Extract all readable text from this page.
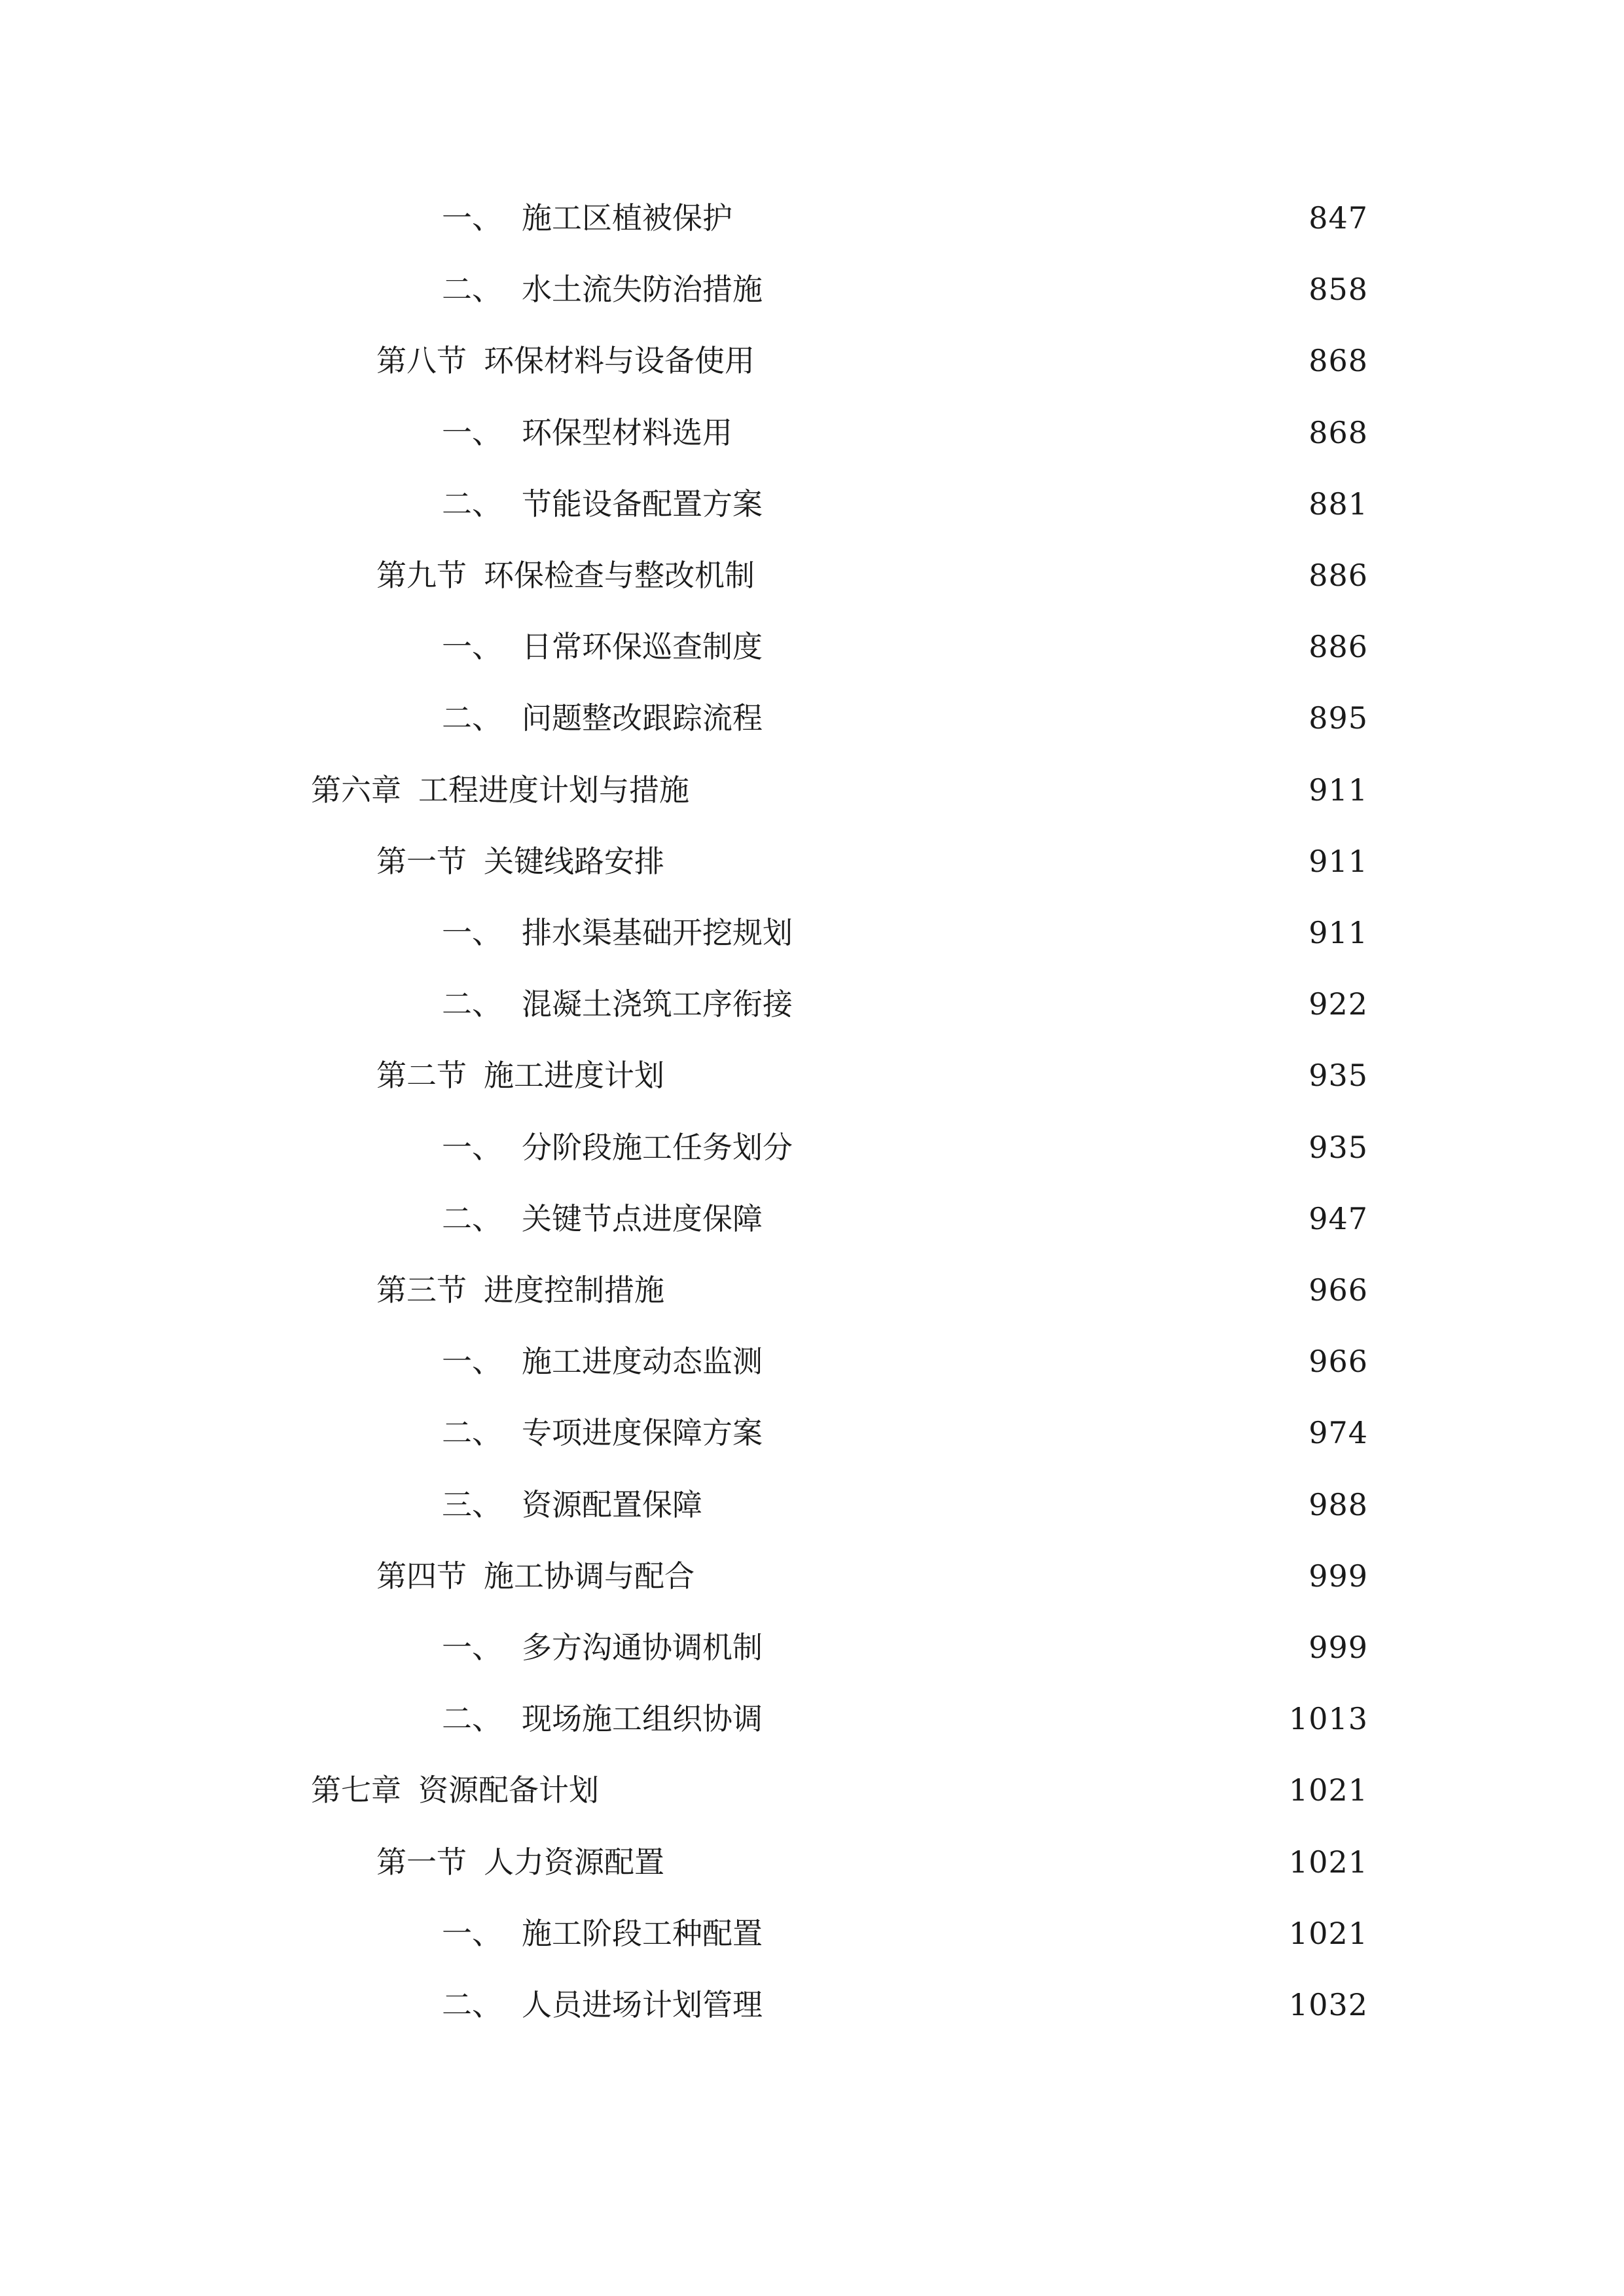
一、 施工区植被保护	847
二、 水土流失防治措施	858
第八节 环保材料与设备使用	868
一、 环保型材料选用	868
二、 节能设备配置方案	881
第九节 环保检查与整改机制	886
一、 日常环保巡查制度	886
二、 问题整改跟踪流程	895
第六章 工程进度计划与措施	911
第一节 关键线路安排	911
一、 排水渠基础开挖规划	911
二、 混凝土浇筑工序衔接	922
第二节 施工进度计划	935
一、 分阶段施工任务划分	935
二、 关键节点进度保障	947
第三节 进度控制措施	966
一、 施工进度动态监测	966
二、 专项进度保障方案	974
三、 资源配置保障	988
第四节 施工协调与配合	999
一、 多方沟通协调机制	999
二、 现场施工组织协调	1013
第七章 资源配备计划	1021
第一节 人力资源配置	1021
一、 施工阶段工种配置	1021
二、 人员进场计划管理	1032
